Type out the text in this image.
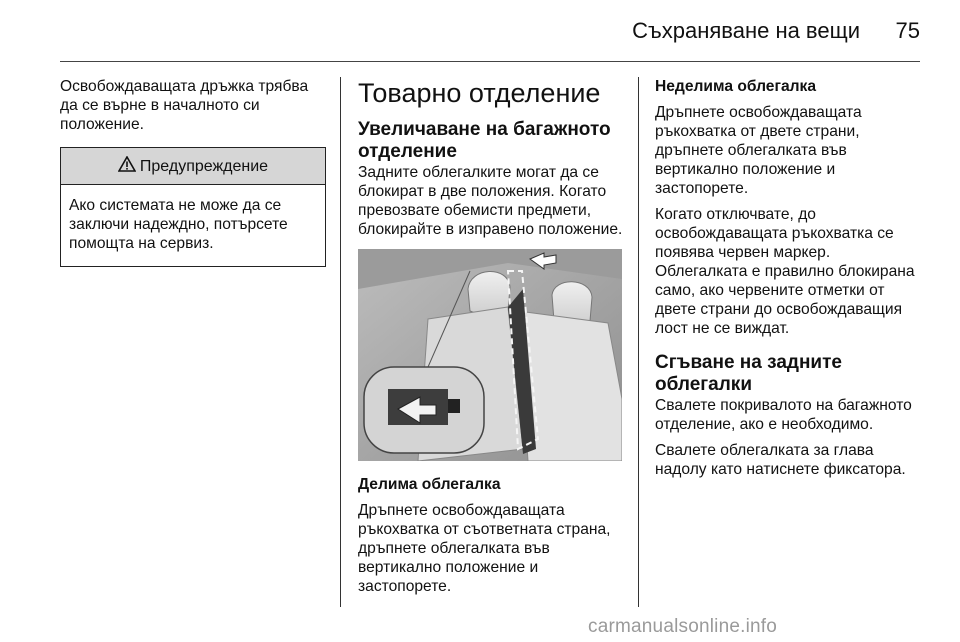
Съхраняване на вещи	75

Освобождаващата дръжка трябва да се върне в началното си положение.

Предупреждение
Ако системата не може да се заключи надеждно, потърсете помощта на сервиз.
Товарно отделение
Увеличаване на багажното отделение

Задните облегалките могат да се блокират в две положения. Когато превозвате обемисти предмети, блокирайте в изправено положение.

Делима облегалка

Дръпнете освобождаващата ръкохватка от съответната страна, дръпнете облегалката във вертикално положение и застопорете.

Неделима облегалка

Дръпнете освобождаващата ръкохватка от двете страни, дръпнете облегалката във вертикално положение и застопорете.

Когато отключвате, до освобождаващата ръкохватка се появява червен маркер. Облегалката е правилно блокирана само, ако червените отметки от двете страни до освобождаващия лост не се виждат.

Сгъване на задните облегалки

Свалете покривалото на багажното отделение, ако е необходимо.

Свалете облегалката за глава надолу като натиснете фиксатора.

carmanualsonline.info
